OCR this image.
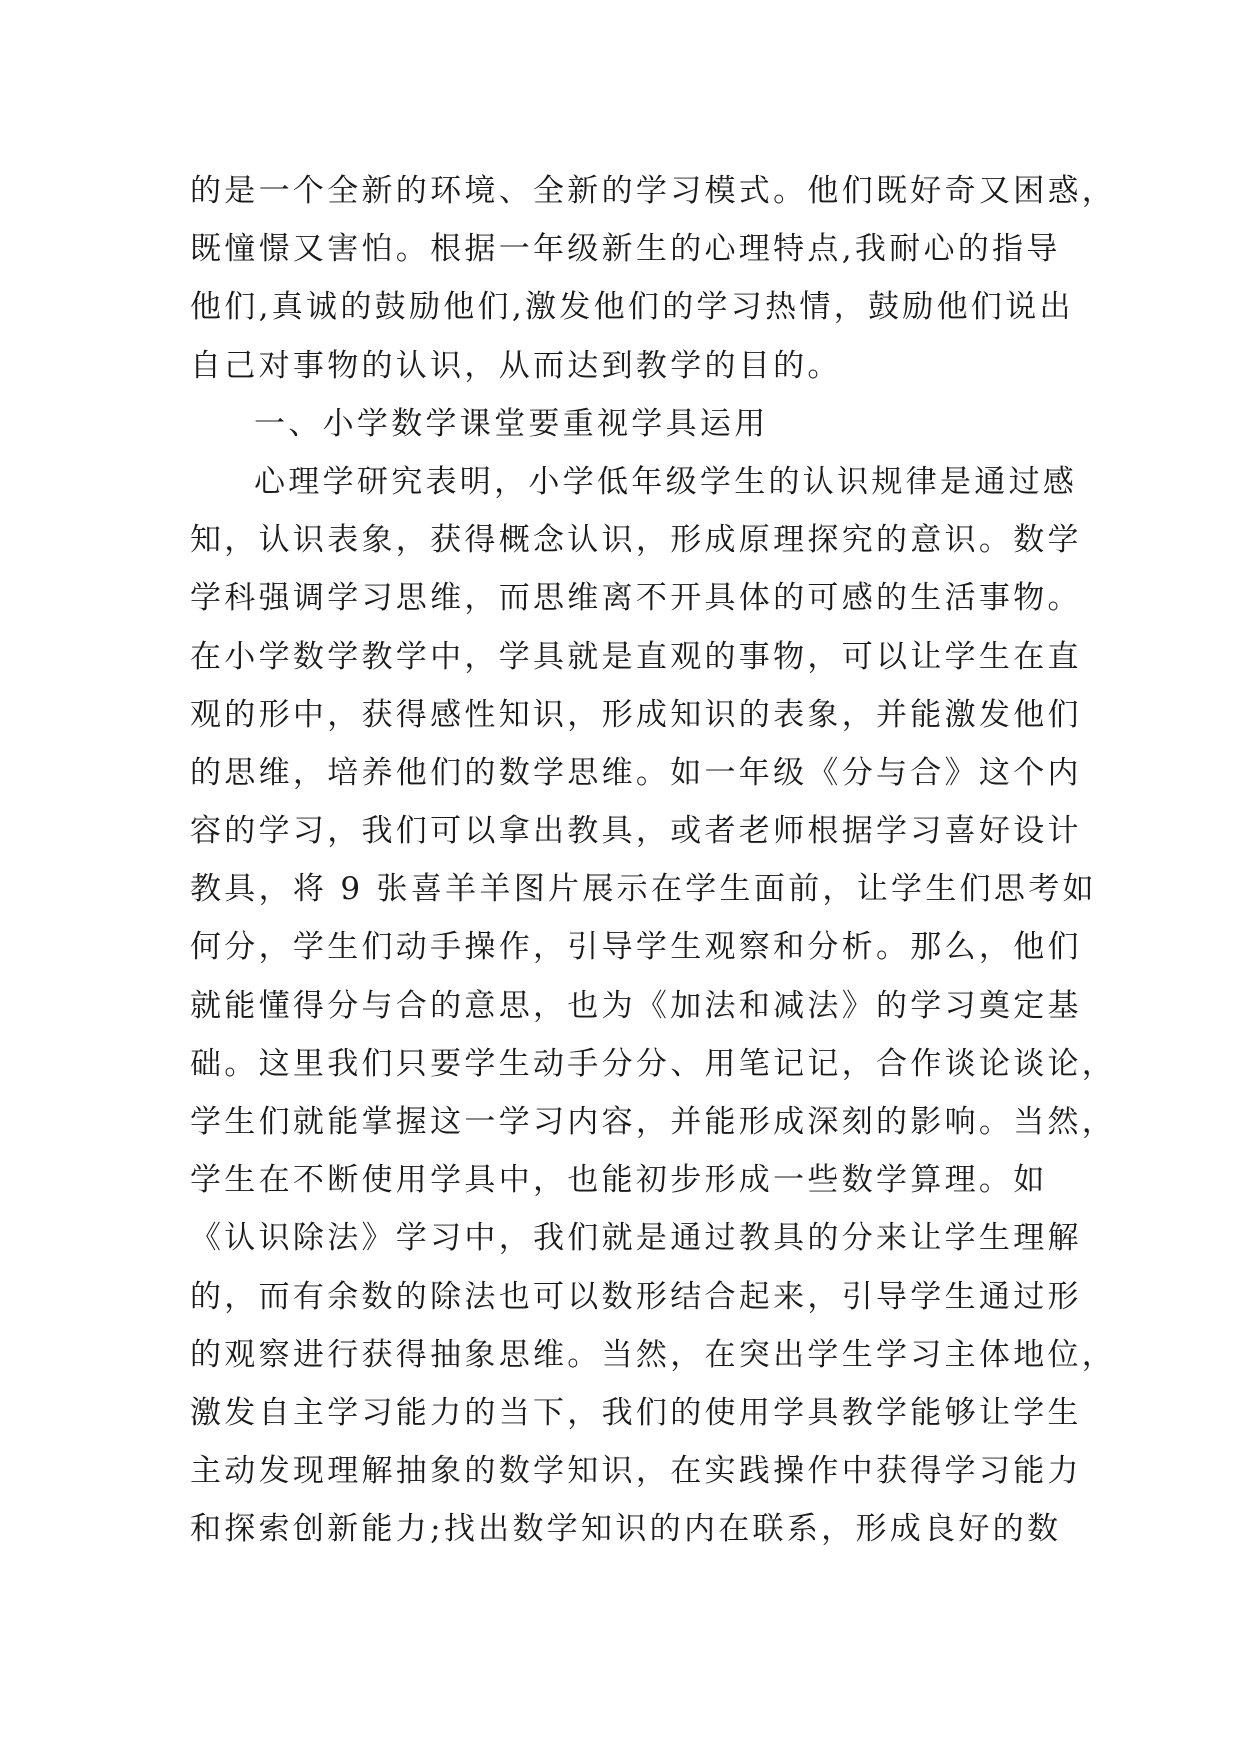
的是一个全新的环境、全新的学习模式。他们既好奇又困惑，
既憧憬又害怕。根据一年级新生的心理特点,我耐心的指导
他们,真诚的鼓励他们,激发他们的学习热情，鼓励他们说出
自己对事物的认识，从而达到教学的目的。
一、小学数学课堂要重视学具运用
心理学研究表明，小学低年级学生的认识规律是通过感
知，认识表象，获得概念认识，形成原理探究的意识。数学
学科强调学习思维，而思维离不开具体的可感的生活事物。
在小学数学教学中，学具就是直观的事物，可以让学生在直
观的形中，获得感性知识，形成知识的表象，并能激发他们
的思维，培养他们的数学思维。如一年级《分与合》这个内
容的学习，我们可以拿出教具，或者老师根据学习喜好设计
教具，将 9 张喜羊羊图片展示在学生面前，让学生们思考如
何分，学生们动手操作，引导学生观察和分析。那么，他们
就能懂得分与合的意思，也为《加法和减法》的学习奠定基
础。这里我们只要学生动手分分、用笔记记，合作谈论谈论，
学生们就能掌握这一学习内容，并能形成深刻的影响。当然，
学生在不断使用学具中，也能初步形成一些数学算理。如
《认识除法》学习中，我们就是通过教具的分来让学生理解
的，而有余数的除法也可以数形结合起来，引导学生通过形
的观察进行获得抽象思维。当然，在突出学生学习主体地位，
激发自主学习能力的当下，我们的使用学具教学能够让学生
主动发现理解抽象的数学知识，在实践操作中获得学习能力
和探索创新能力;找出数学知识的内在联系，形成良好的数
